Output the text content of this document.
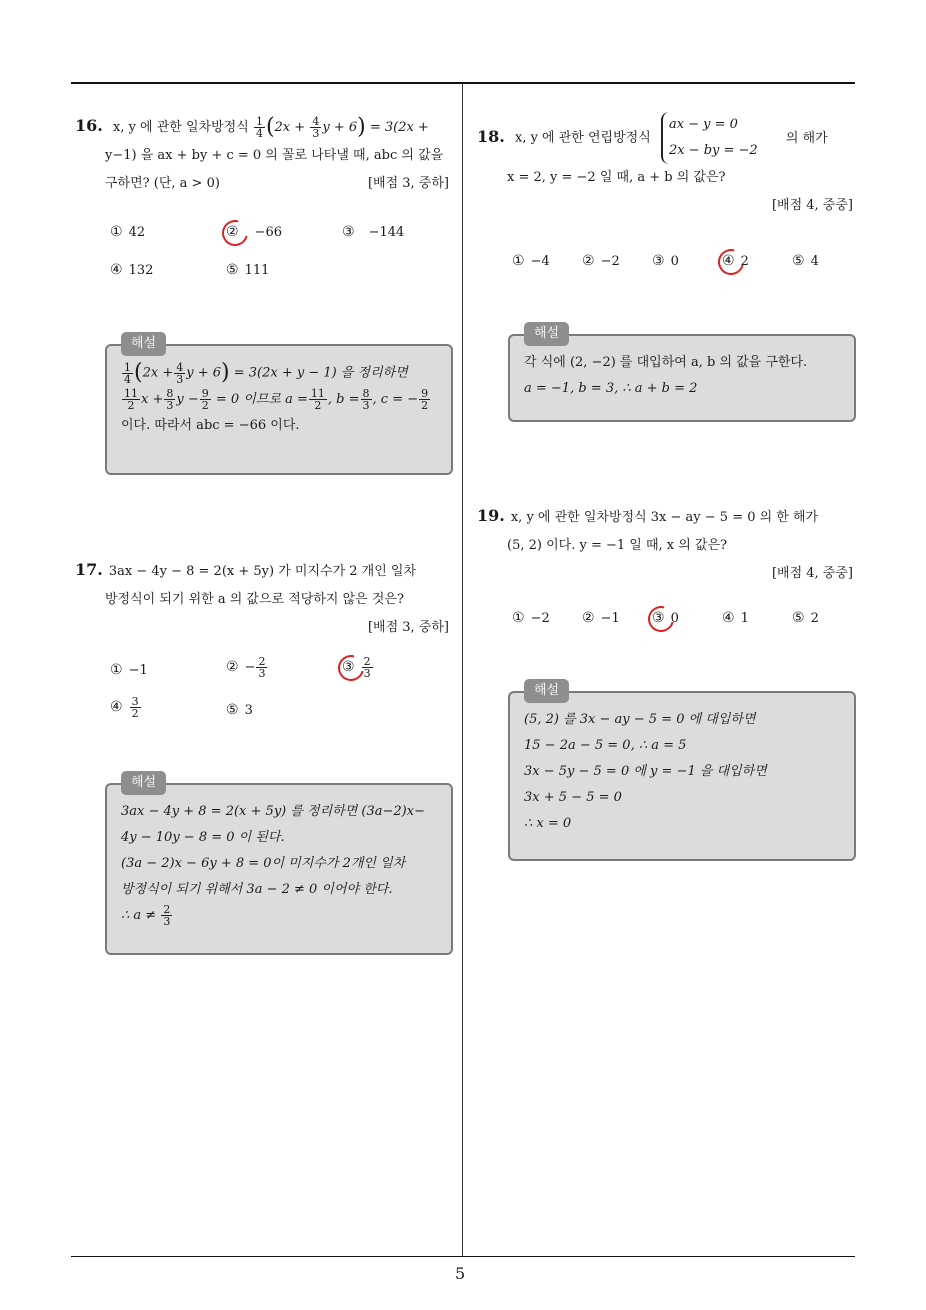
5
16. x, y 에 관한 일차방정식 $\frac{1}{4} (2x + \frac{4}{3}$ y + 6) = 3(2x +
y−1) 을 ax + by + c = 0 의 꼴로 나타낼 때, abc 의 값을
구하면? (단, a > 0)	[배점 3, 중하]
① 42	② −66	③ −144
④ 132	⑤ 111
해설
$\frac{1}{4} (2x + \frac{4}{3}$ y + 6) = 3(2x + y − 1) 을 정리하면
$\frac{11}{2}$ $x + \frac{8}{3}$ $y - \frac{9}{2} = 0$ 이므로 $a = \frac{11}{2}$ , $b = \frac{8}{3}$ , c = − $\frac{9}{2}$
이다. 따라서 abc = −66 이다.
17. 3ax − 4y − 8 = 2(x + 5y) 가 미지수가 2 개인 일차
방정식이 되기 위한 a 의 값으로 적당하지 않은 것은?
[배점 3, 중하]
① −1	② − $\frac{2}{3}$	③ $\frac{2}{3}$
④ $\frac{3}{2}$	⑤ 3
해설
3ax − 4y + 8 = 2(x + 5y) 를 정리하면 (3a−2)x−
4y − 10y − 8 = 0 이 된다.
(3a − 2)x − 6y + 8 = 0이 미지수가 2개인 일차
방정식이 되기 위해서 3a − 2 ≠ 0 이어야 한다.
∴ $a \ne \frac{2}{3}$
18. x, y 에 관한 연립방정식
ax − y = 0
2x − by = −2
의 해가
x = 2, y = −2 일 때, a + b 의 값은?
[배점 4, 중중]
① −4 ② −2 ③ 0	④ 2	⑤ 4
해설
각 식에 (2, −2) 를 대입하여 a, b 의 값을 구한다.
a = −1, b = 3, ∴ a + b = 2
19. x, y 에 관한 일차방정식 3x − ay − 5 = 0 의 한 해가
(5, 2) 이다. y = −1 일 때, x 의 값은?
[배점 4, 중중]
① −2 ② −1 ③ 0	④ 1	⑤ 2
해설
(5, 2) 를 3x − ay − 5 = 0 에 대입하면
15 − 2a − 5 = 0, ∴ a = 5
3x − 5y − 5 = 0 에 y = −1 을 대입하면
3x + 5 − 5 = 0
∴ x = 0
